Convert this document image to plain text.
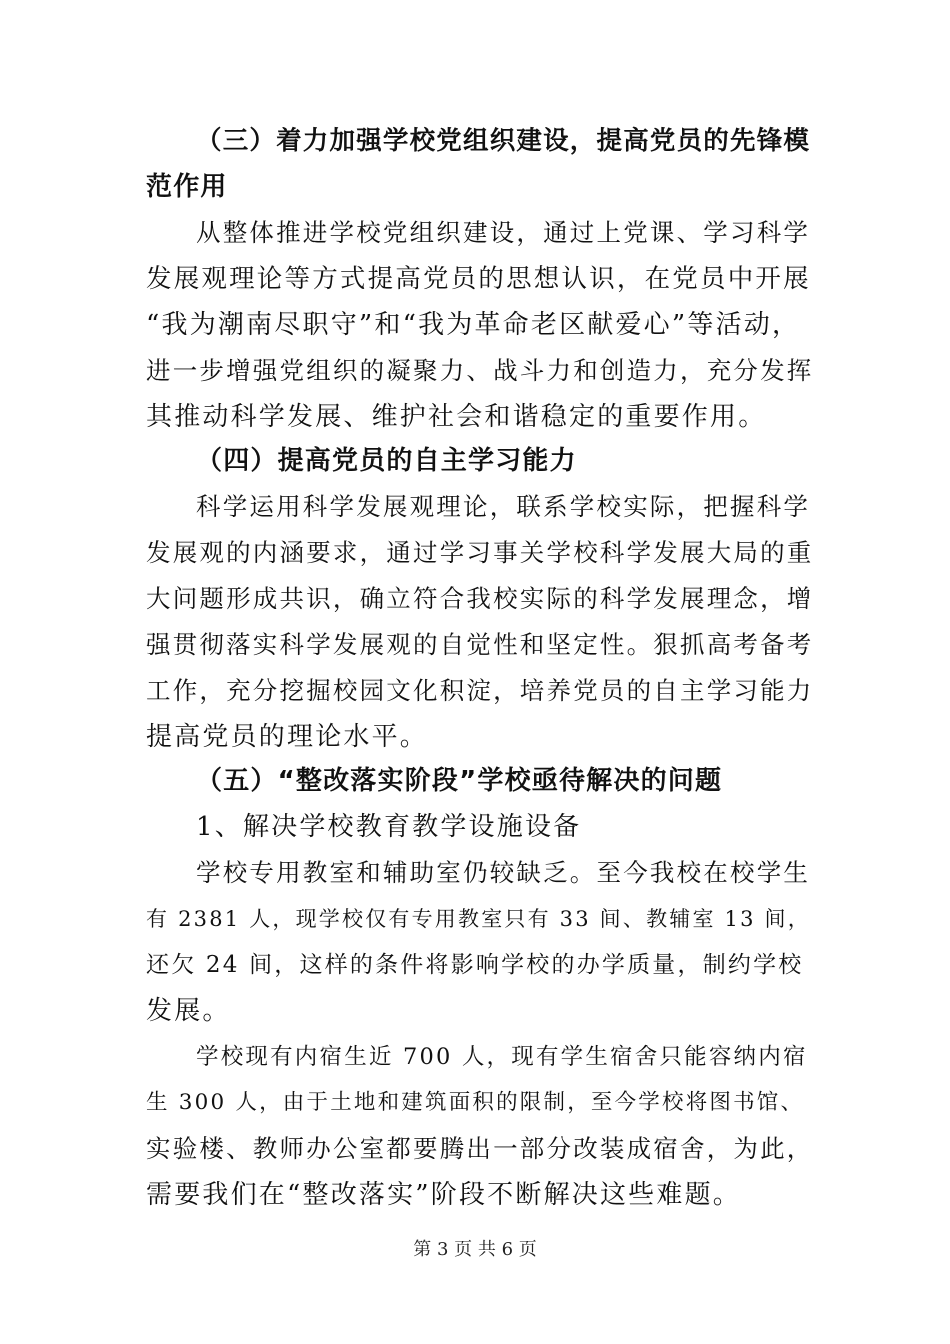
（三）着力加强学校党组织建设，提高党员的先锋模
范作用
从整体推进学校党组织建设，通过上党课、学习科学
发展观理论等方式提高党员的思想认识，在党员中开展
“我为潮南尽职守”和“我为革命老区献爱心”等活动，
进一步增强党组织的凝聚力、战斗力和创造力，充分发挥
其推动科学发展、维护社会和谐稳定的重要作用。
（四）提高党员的自主学习能力
科学运用科学发展观理论，联系学校实际，把握科学
发展观的内涵要求，通过学习事关学校科学发展大局的重
大问题形成共识，确立符合我校实际的科学发展理念，增
强贯彻落实科学发展观的自觉性和坚定性。狠抓高考备考
工作，充分挖掘校园文化积淀，培养党员的自主学习能力
提高党员的理论水平。
（五）“整改落实阶段”学校亟待解决的问题
1、解决学校教育教学设施设备
学校专用教室和辅助室仍较缺乏。至今我校在校学生
有 2381 人，现学校仅有专用教室只有 33 间、教辅室 13 间，
还欠 24 间，这样的条件将影响学校的办学质量，制约学校
发展。
学校现有内宿生近 700 人，现有学生宿舍只能容纳内宿
生 300 人，由于土地和建筑面积的限制，至今学校将图书馆、
实验楼、教师办公室都要腾出一部分改装成宿舍，为此，
需要我们在“整改落实”阶段不断解决这些难题。
第 3 页 共 6 页
